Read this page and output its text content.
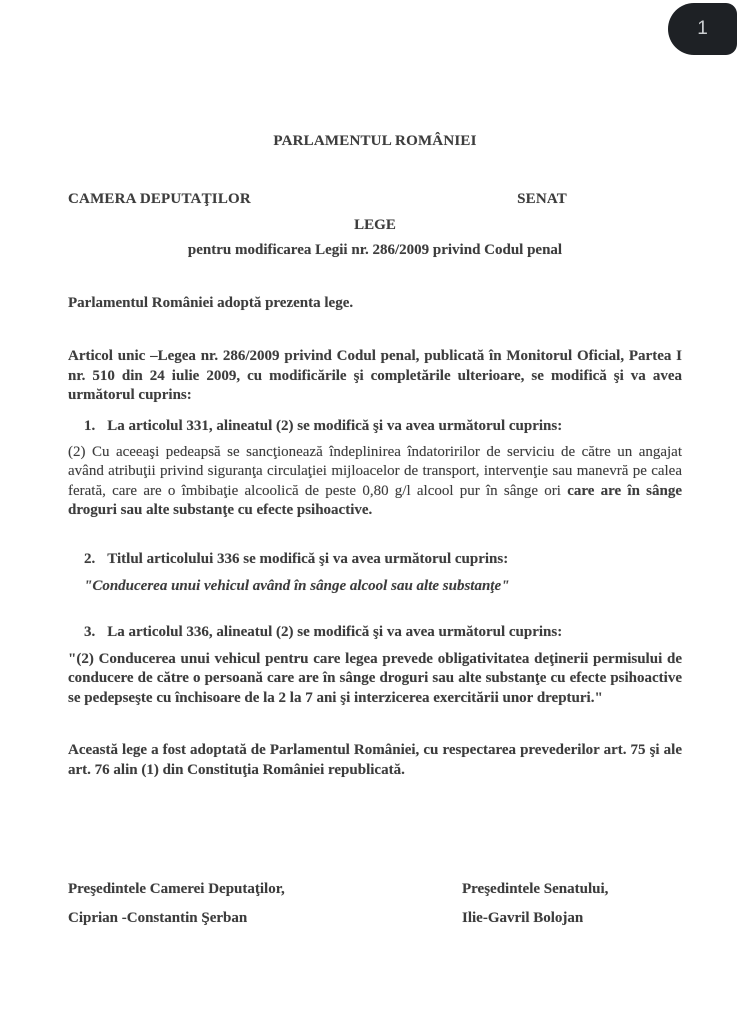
1
PARLAMENTUL ROMÂNIEI
CAMERA DEPUTAŢILOR	SENAT
LEGE
pentru modificarea Legii nr. 286/2009 privind Codul penal

Parlamentul României adoptă prezenta lege.

Articol unic –Legea nr. 286/2009 privind Codul penal, publicată în Monitorul Oficial, Partea I nr. 510 din 24 iulie 2009, cu modificările şi completările ulterioare, se modifică şi va avea următorul cuprins:

1. La articolul 331, alineatul (2) se modifică şi va avea următorul cuprins:

(2) Cu aceeaşi pedeapsă se sancţionează îndeplinirea îndatoririlor de serviciu de către un angajat având atribuţii privind siguranţa circulaţiei mijloacelor de transport, intervenţie sau manevră pe calea ferată, care are o îmbibaţie alcoolică de peste 0,80 g/l alcool pur în sânge ori care are în sânge droguri sau alte substanţe cu efecte psihoactive.

2. Titlul articolului 336 se modifică şi va avea următorul cuprins:
"Conducerea unui vehicul având în sânge alcool sau alte substanţe"
3. La articolul 336, alineatul (2) se modifică şi va avea următorul cuprins:

"(2) Conducerea unui vehicul pentru care legea prevede obligativitatea deţinerii permisului de conducere de către o persoană care are în sânge droguri sau alte substanţe cu efecte psihoactive se pedepseşte cu închisoare de la 2 la 7 ani şi interzicerea exercitării unor drepturi."

Această lege a fost adoptată de Parlamentul României, cu respectarea prevederilor art. 75 şi ale art. 76 alin (1) din Constituţia României republicată.

Preşedintele Camerei Deputaţilor,
Ciprian -Constantin Şerban
Preşedintele Senatului,
Ilie-Gavril Bolojan
